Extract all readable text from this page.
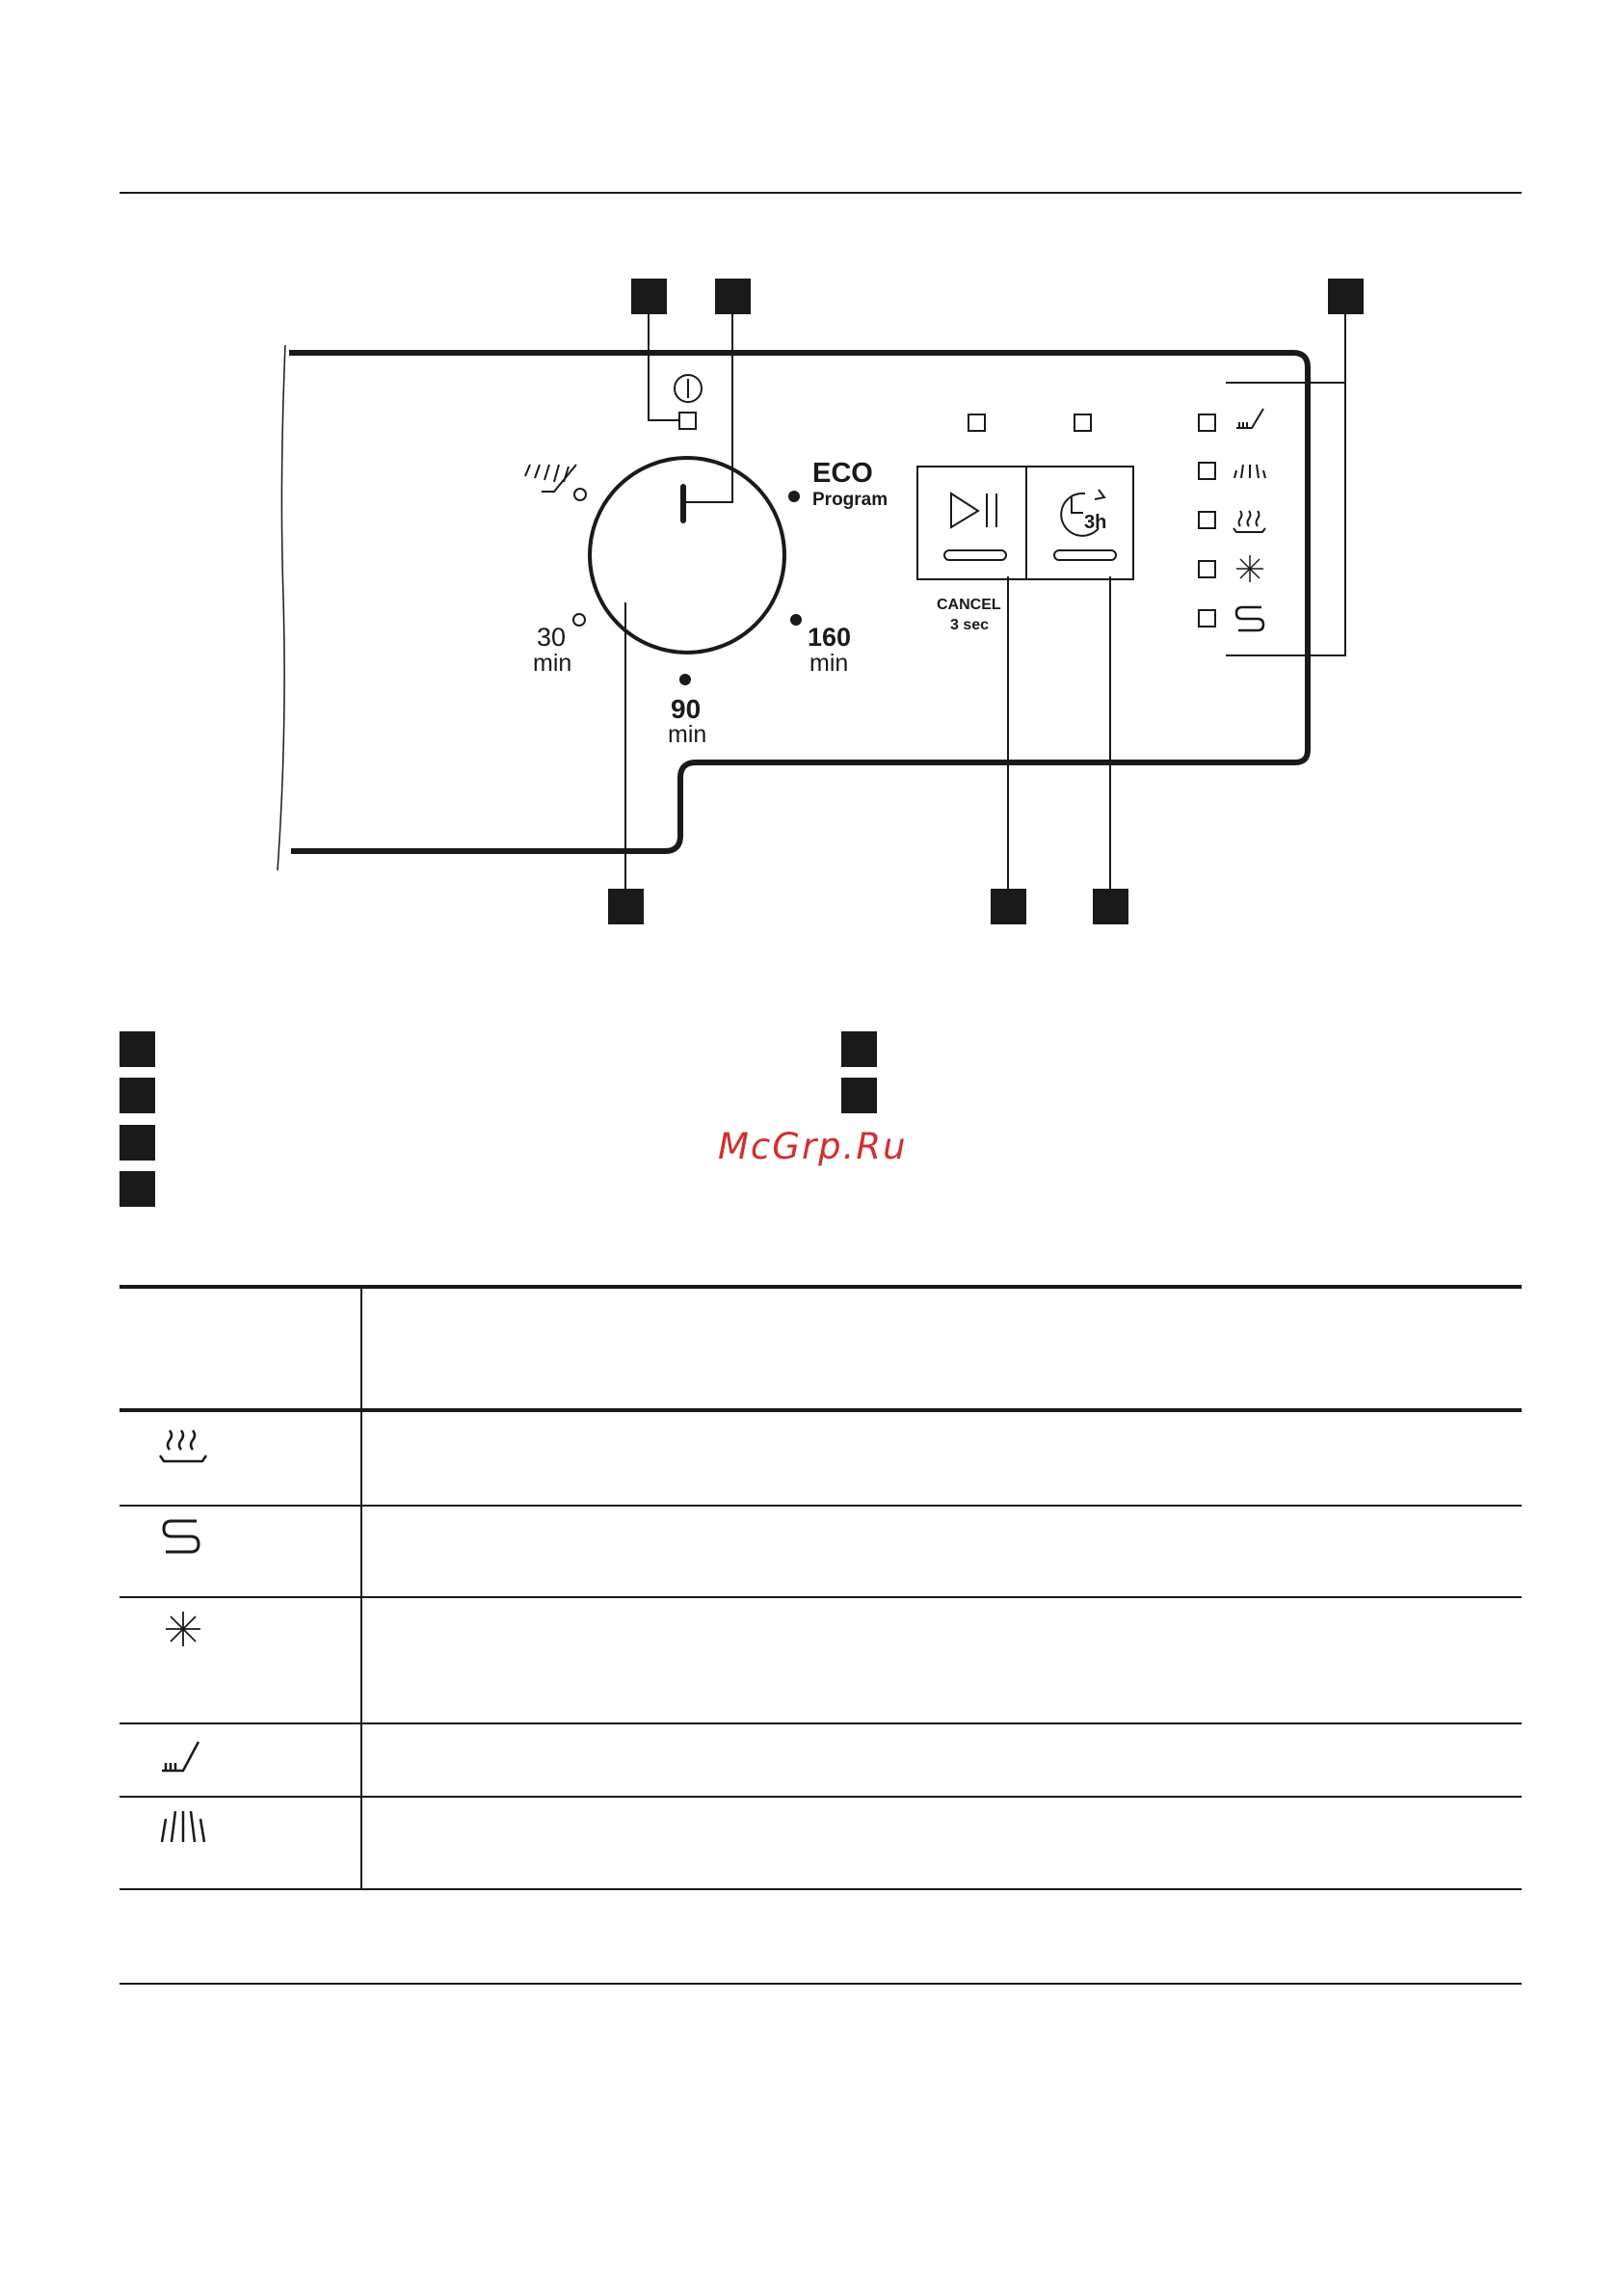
ECO
Program
30
min
160
min
90
min
3h
CANCEL
3 sec
McGrp.Ru
